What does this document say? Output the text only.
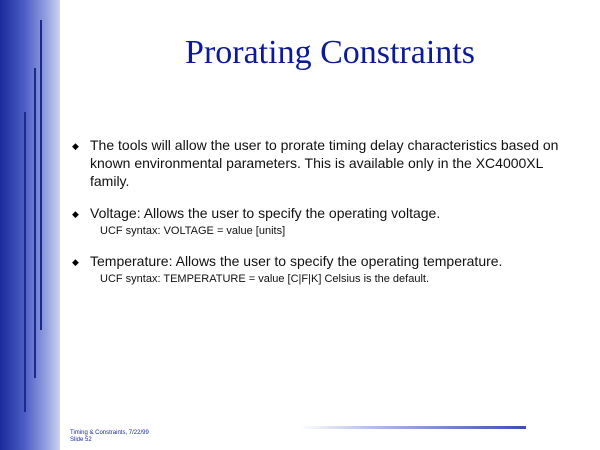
Prorating Constraints
◆ The tools will allow the user to prorate timing delay characteristics based on known environmental parameters. This is available only in the XC4000XL family.
◆ Voltage: Allows the user to specify the operating voltage.
UCF syntax: VOLTAGE = value [units]
◆ Temperature: Allows the user to specify the operating temperature.
UCF syntax: TEMPERATURE = value [C|F|K] Celsius is the default.
Timing & Constraints, 7/22/99
Slide 52
